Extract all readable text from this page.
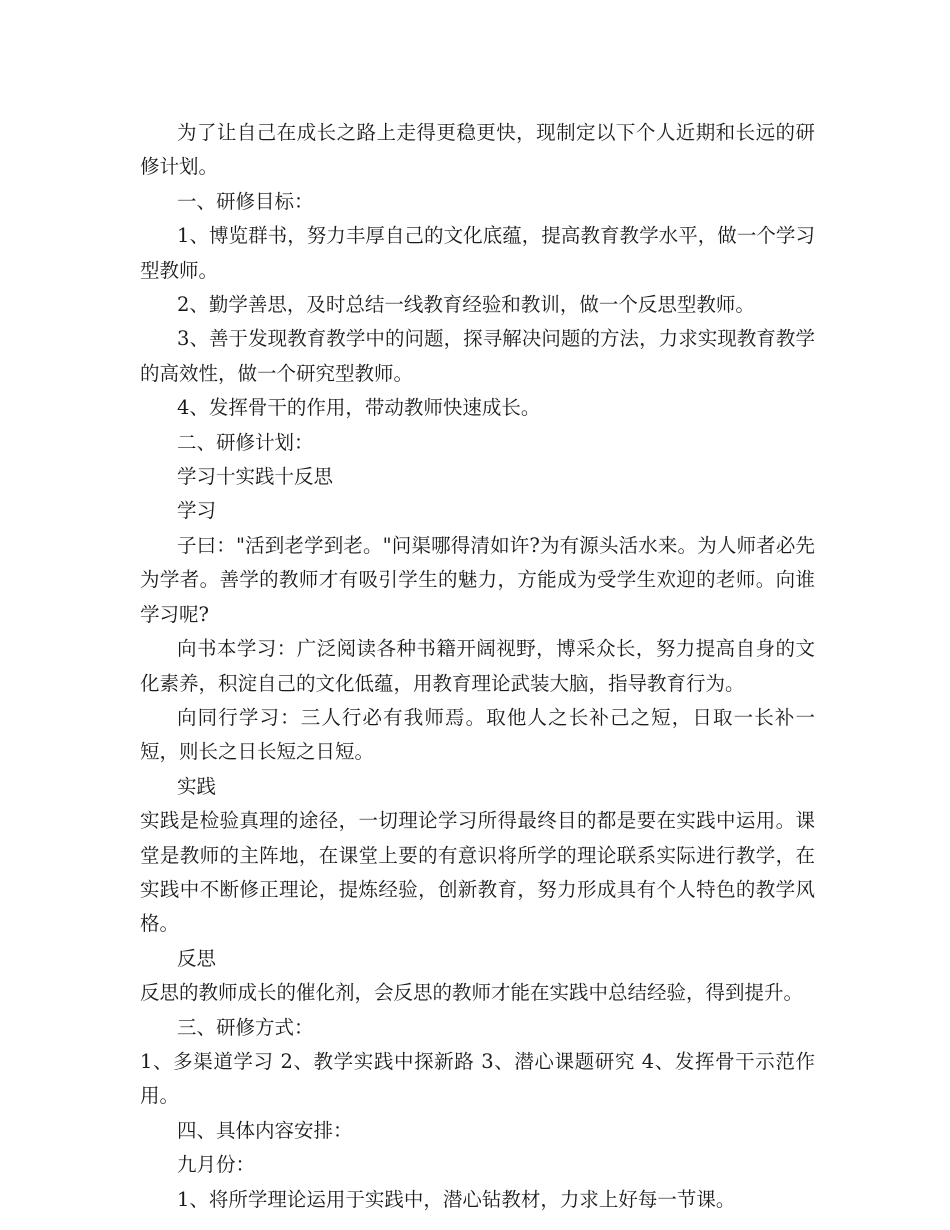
为了让自己在成长之路上走得更稳更快，现制定以下个人近期和长远的研修计划。

一、研修目标：

1、博览群书，努力丰厚自己的文化底蕴，提高教育教学水平，做一个学习型教师。

2、勤学善思，及时总结一线教育经验和教训，做一个反思型教师。

3、善于发现教育教学中的问题，探寻解决问题的方法，力求实现教育教学的高效性，做一个研究型教师。

4、发挥骨干的作用，带动教师快速成长。

二、研修计划：

学习十实践十反思

学习

子曰："活到老学到老。"问渠哪得清如许?为有源头活水来。为人师者必先为学者。善学的教师才有吸引学生的魅力，方能成为受学生欢迎的老师。向谁学习呢?

向书本学习：广泛阅读各种书籍开阔视野，博采众长，努力提高自身的文化素养，积淀自己的文化低蕴，用教育理论武装大脑，指导教育行为。

向同行学习：三人行必有我师焉。取他人之长补己之短，日取一长补一短，则长之日长短之日短。

实践

实践是检验真理的途径，一切理论学习所得最终目的都是要在实践中运用。课堂是教师的主阵地，在课堂上要的有意识将所学的理论联系实际进行教学，在实践中不断修正理论，提炼经验，创新教育，努力形成具有个人特色的教学风格。

反思

反思的教师成长的催化剂，会反思的教师才能在实践中总结经验，得到提升。

三、研修方式：

1、多渠道学习 2、教学实践中探新路 3、潜心课题研究 4、发挥骨干示范作用。

四、具体内容安排：

九月份：

1、将所学理论运用于实践中，潜心钻教材，力求上好每一节课。
